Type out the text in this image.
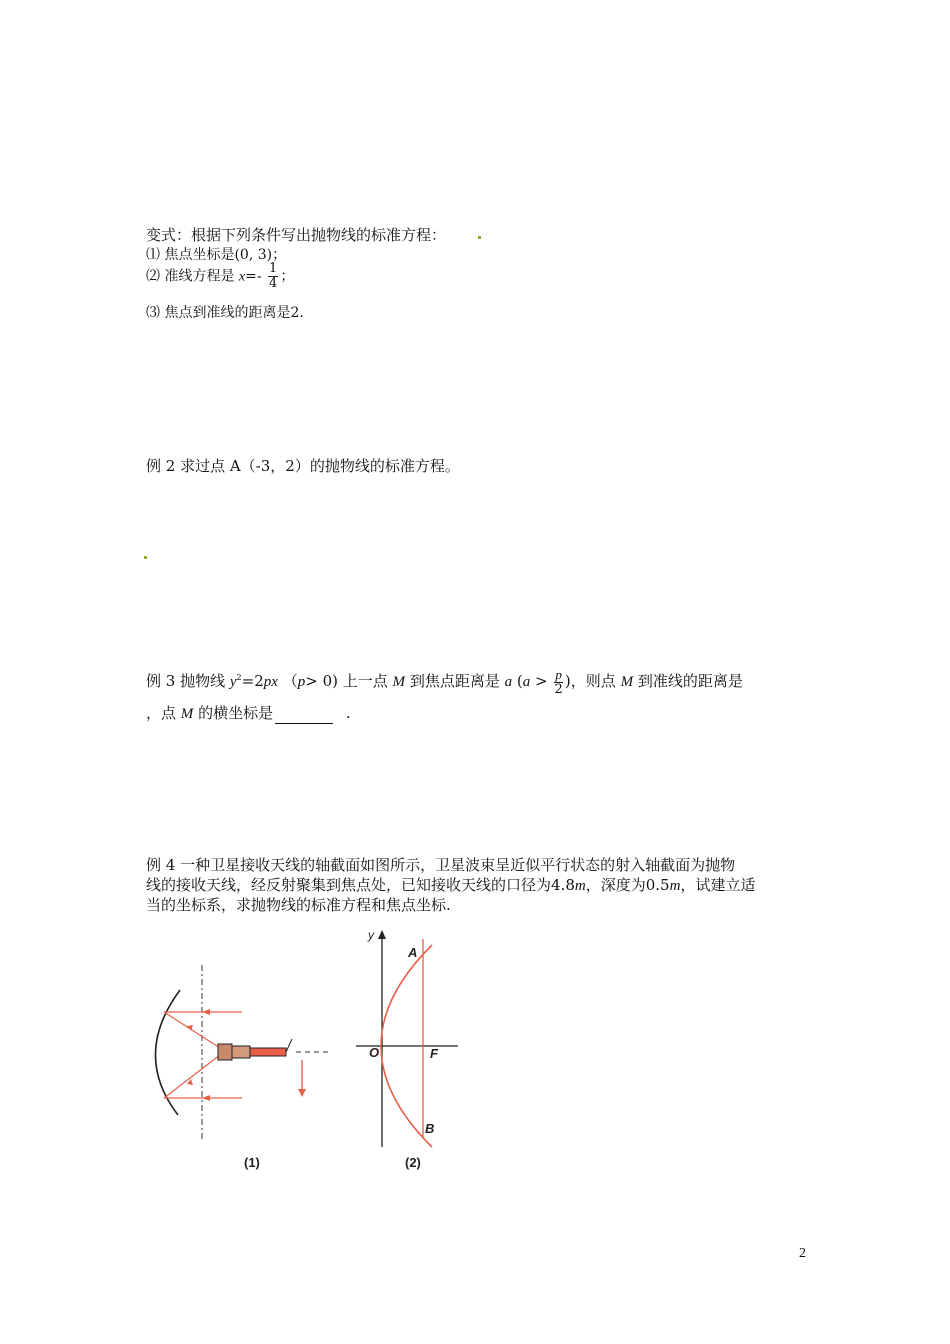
变式：根据下列条件写出抛物线的标准方程：
⑴ 焦点坐标是(0, 3)；
⑵ 准线方程是 $x=- \frac{1}{4}$ ；
⑶ 焦点到准线的距离是2.
例 2 求过点 A（-3，2）的抛物线的标准方程。
例 3 抛物线 $y^2=2px$ （p> 0) 上一点 M 到焦点距离是 a ($a > \frac{p}{2}$ )，则点 M 到准线的距离是
，点 M 的横坐标是	.
例 4 一种卫星接收天线的轴截面如图所示，卫星波束呈近似平行状态的射入轴截面为抛物
线的接收天线，经反射聚集到焦点处，已知接收天线的口径为4.8m，深度为0.5m，试建立适
当的坐标系，求抛物线的标准方程和焦点坐标.
(1)
y
A
O	F
B
(2)
2
